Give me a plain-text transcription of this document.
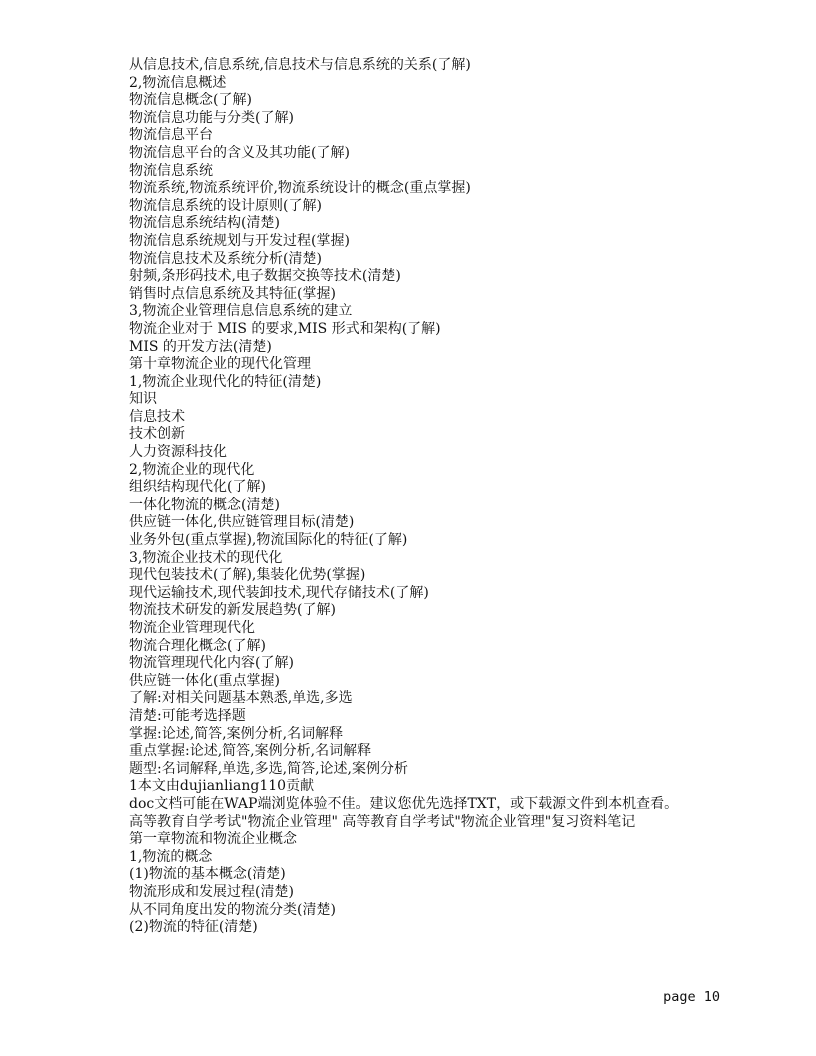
从信息技术,信息系统,信息技术与信息系统的关系(了解)
2,物流信息概述
物流信息概念(了解)
物流信息功能与分类(了解)
物流信息平台
物流信息平台的含义及其功能(了解)
物流信息系统
物流系统,物流系统评价,物流系统设计的概念(重点掌握)
物流信息系统的设计原则(了解)
物流信息系统结构(清楚)
物流信息系统规划与开发过程(掌握)
物流信息技术及系统分析(清楚)
射频,条形码技术,电子数据交换等技术(清楚)
销售时点信息系统及其特征(掌握)
3,物流企业管理信息信息系统的建立
物流企业对于 MIS 的要求,MIS 形式和架构(了解)
MIS 的开发方法(清楚)
第十章物流企业的现代化管理
1,物流企业现代化的特征(清楚)
知识
信息技术
技术创新
人力资源科技化
2,物流企业的现代化
组织结构现代化(了解)
一体化物流的概念(清楚)
供应链一体化,供应链管理目标(清楚)
业务外包(重点掌握),物流国际化的特征(了解)
3,物流企业技术的现代化
现代包装技术(了解),集装化优势(掌握)
现代运输技术,现代装卸技术,现代存储技术(了解)
物流技术研发的新发展趋势(了解)
物流企业管理现代化
物流合理化概念(了解)
物流管理现代化内容(了解)
供应链一体化(重点掌握)
了解:对相关问题基本熟悉,单选,多选
清楚:可能考选择题
掌握:论述,简答,案例分析,名词解释
重点掌握:论述,简答,案例分析,名词解释
题型:名词解释,单选,多选,简答,论述,案例分析
1本文由dujianliang110贡献
doc文档可能在WAP端浏览体验不佳。建议您优先选择TXT，或下载源文件到本机查看。
高等教育自学考试"物流企业管理" 高等教育自学考试"物流企业管理"复习资料笔记
第一章物流和物流企业概念
1,物流的概念
(1)物流的基本概念(清楚)
物流形成和发展过程(清楚)
从不同角度出发的物流分类(清楚)
(2)物流的特征(清楚)
page 10
